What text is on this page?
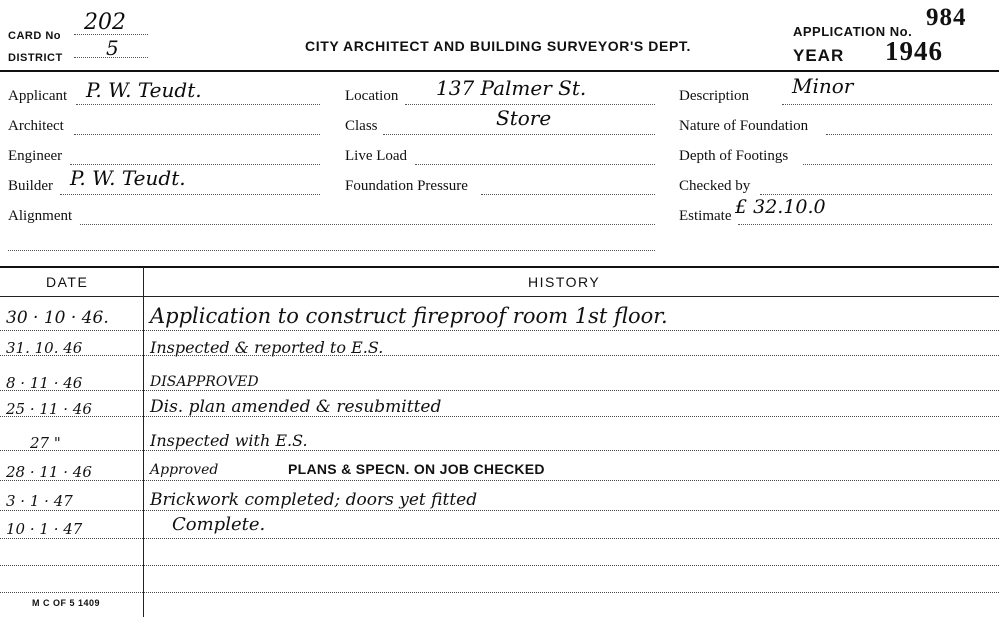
CARD No
202
DISTRICT 5	CITY ARCHITECT AND BUILDING SURVEYOR'S DEPT.
APPLICATION No.
984
YEAR 1946
Applicant P. W. Teudt.
Architect
Engineer
Builder P. W. Teudt.
Alignment
Location 137 Palmer St.
Class	Store
Live Load
Foundation Pressure
Description Minor
Nature of Foundation
Depth of Footings
Checked by
Estimate £ 32.10.0
DATE	HISTORY
30 · 10 · 46.	Application to construct fireproof room 1st floor.
31. 10. 46	Inspected & reported to E.S.
8 · 11 · 46	DISAPPROVED
25 · 11 · 46	Dis. plan amended & resubmitted
27 "	Inspected with E.S.
28 · 11 · 46	Approved	PLANS & SPECN. ON JOB CHECKED
3 · 1 · 47	Brickwork completed; doors yet fitted
10 · 1 · 47	Complete.
M C OF 5 1409
